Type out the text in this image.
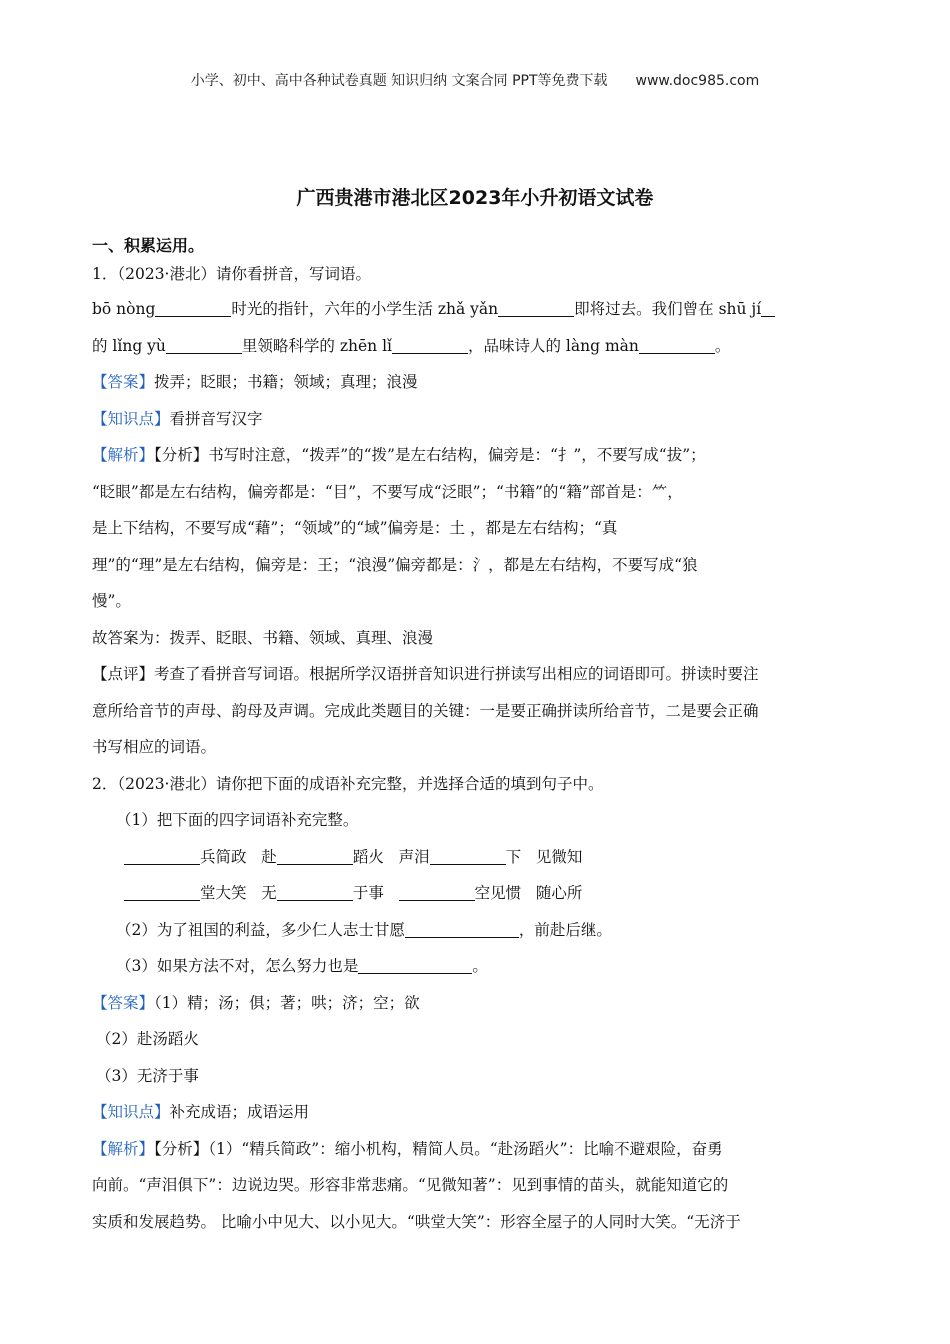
小学、初中、高中各种试卷真题 知识归纳 文案合同 PPT等免费下载 www.doc985.com
广西贵港市港北区2023年小升初语文试卷
一、积累运用。
1．（2023·港北）请你看拼音，写词语。
bō nòng	时光的指针，六年的小学生活 zhǎ yǎn	即将过去。我们曾在 shū jí
的 lǐng yù	里领略科学的 zhēn lǐ	，品味诗人的 làng màn	。
【答案】拨弄；眨眼；书籍；领域；真理；浪漫
【知识点】看拼音写汉字
【解析】【分析】书写时注意，“拨弄”的“拨”是左右结构，偏旁是：“扌”，不要写成“拔”；
“眨眼”都是左右结构，偏旁都是：“目”，不要写成“泛眼”；“书籍”的“籍”部首是：⺮，
是上下结构，不要写成“藉”；“领域”的“域”偏旁是：土 ，都是左右结构；“真
理”的“理”是左右结构，偏旁是：王；“浪漫”偏旁都是：氵，都是左右结构，不要写成“狼
慢”。
故答案为：拨弄、眨眼、书籍、领域、真理、浪漫
【点评】考查了看拼音写词语。根据所学汉语拼音知识进行拼读写出相应的词语即可。拼读时要注
意所给音节的声母、韵母及声调。完成此类题目的关键：一是要正确拼读所给音节，二是要会正确
书写相应的词语。
2．（2023·港北）请你把下面的成语补充完整，并选择合适的填到句子中。
（1）把下面的四字词语补充完整。
兵简政 赴	蹈火 声泪	下 见微知
堂大笑 无	于事	空见惯 随心所
（2）为了祖国的利益，多少仁人志士甘愿	，前赴后继。
（3）如果方法不对，怎么努力也是	。
【答案】（1）精；汤；俱；著；哄；济；空；欲
（2）赴汤蹈火
（3）无济于事
【知识点】补充成语；成语运用
【解析】【分析】（1）“精兵简政”：缩小机构，精简人员。“赴汤蹈火”：比喻不避艰险，奋勇
向前。“声泪俱下”：边说边哭。形容非常悲痛。“见微知著”：见到事情的苗头，就能知道它的
实质和发展趋势。 比喻小中见大、以小见大。“哄堂大笑”：形容全屋子的人同时大笑。“无济于
